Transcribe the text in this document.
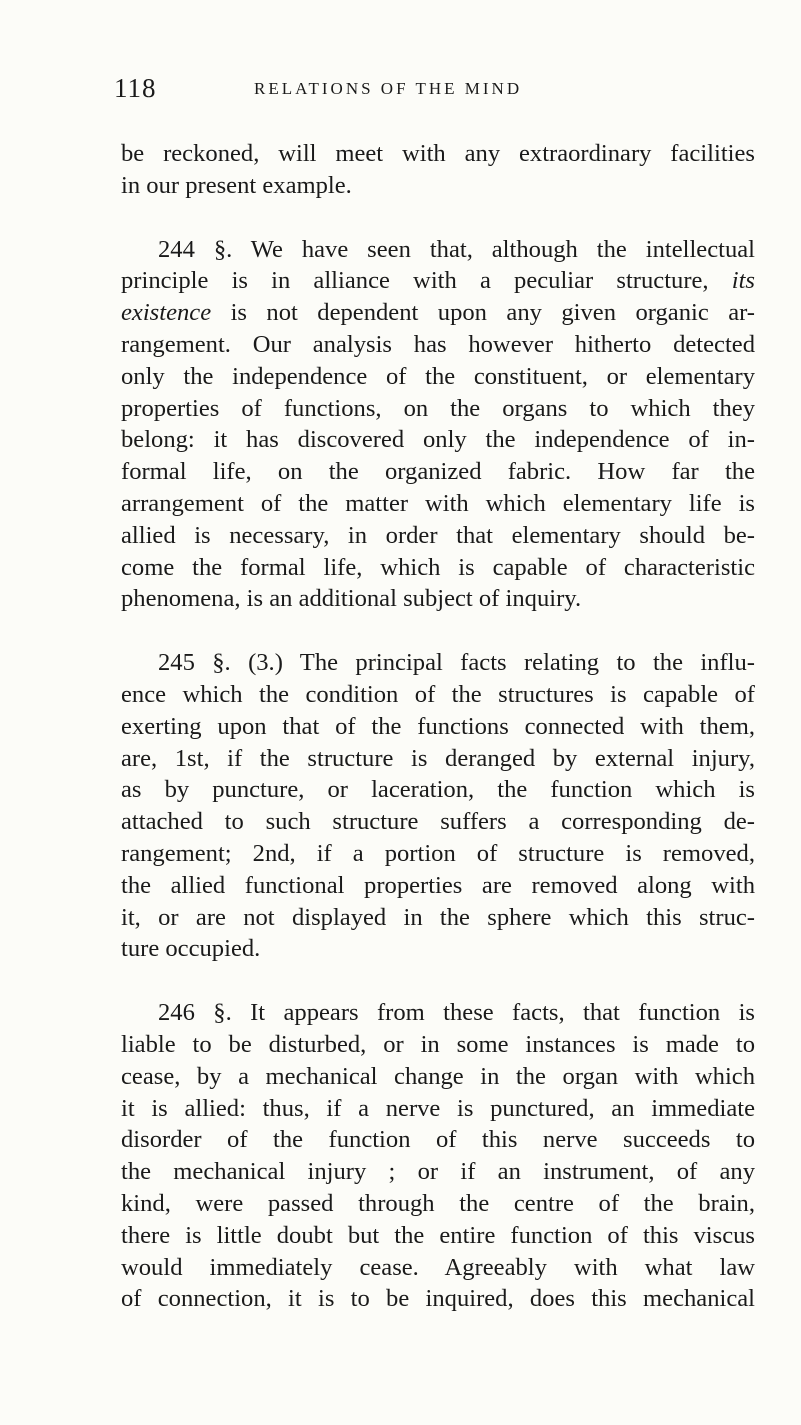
118	RELATIONS OF THE MIND
be reckoned, will meet with any extraordinary facilities
in our present example.
244 §. We have seen that, although the intellectual
principle is in alliance with a peculiar structure, its
existence is not dependent upon any given organic ar-
rangement. Our analysis has however hitherto detected
only the independence of the constituent, or elementary
properties of functions, on the organs to which they
belong: it has discovered only the independence of in-
formal life, on the organized fabric. How far the
arrangement of the matter with which elementary life is
allied is necessary, in order that elementary should be-
come the formal life, which is capable of characteristic
phenomena, is an additional subject of inquiry.
245 §. (3.) The principal facts relating to the influ-
ence which the condition of the structures is capable of
exerting upon that of the functions connected with them,
are, 1st, if the structure is deranged by external injury,
as by puncture, or laceration, the function which is
attached to such structure suffers a corresponding de-
rangement; 2nd, if a portion of structure is removed,
the allied functional properties are removed along with
it, or are not displayed in the sphere which this struc-
ture occupied.
246 §. It appears from these facts, that function is
liable to be disturbed, or in some instances is made to
cease, by a mechanical change in the organ with which
it is allied: thus, if a nerve is punctured, an immediate
disorder of the function of this nerve succeeds to
the mechanical injury ; or if an instrument, of any
kind, were passed through the centre of the brain,
there is little doubt but the entire function of this viscus
would immediately cease. Agreeably with what law
of connection, it is to be inquired, does this mechanical
